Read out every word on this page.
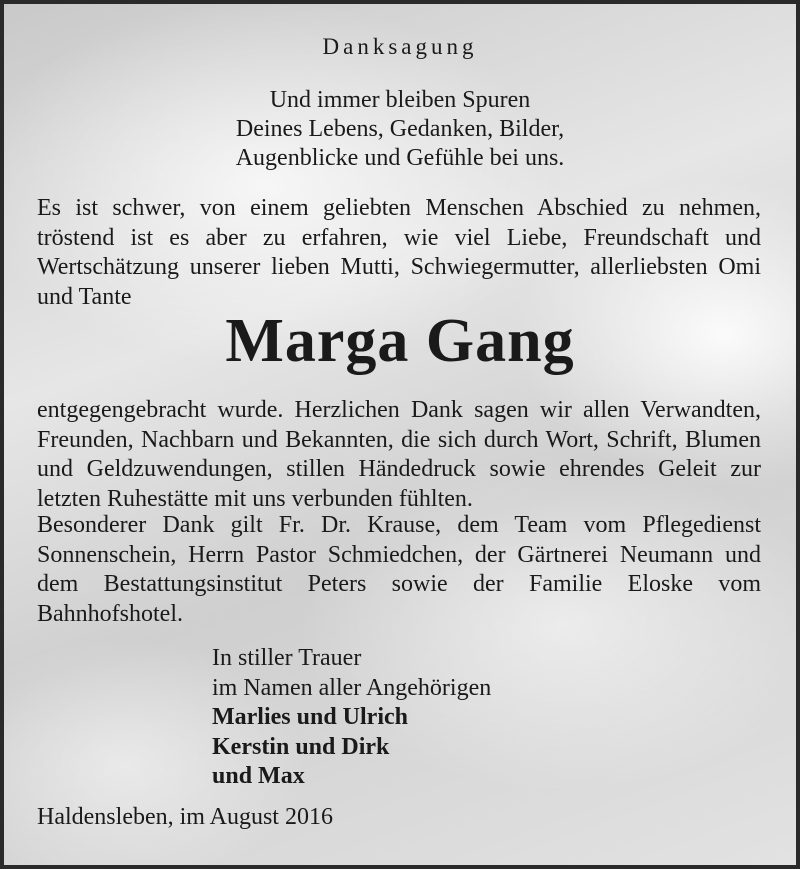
Danksagung
Und immer bleiben Spuren
Deines Lebens, Gedanken, Bilder,
Augenblicke und Gefühle bei uns.
Es ist schwer, von einem geliebten Menschen Abschied zu nehmen, tröstend ist es aber zu erfahren, wie viel Liebe, Freundschaft und Wertschätzung unserer lieben Mutti, Schwiegermutter, allerliebsten Omi und Tante
Marga Gang
entgegengebracht wurde. Herzlichen Dank sagen wir allen Verwandten, Freunden, Nachbarn und Bekannten, die sich durch Wort, Schrift, Blumen und Geldzuwendungen, stillen Händedruck sowie ehrendes Geleit zur letzten Ruhestätte mit uns verbunden fühlten.
Besonderer Dank gilt Fr. Dr. Krause, dem Team vom Pflegedienst Sonnenschein, Herrn Pastor Schmiedchen, der Gärtnerei Neumann und dem Bestattungsinstitut Peters sowie der Familie Eloske vom Bahnhofshotel.
In stiller Trauer
im Namen aller Angehörigen
Marlies und Ulrich
Kerstin und Dirk
und Max
Haldensleben, im August 2016
